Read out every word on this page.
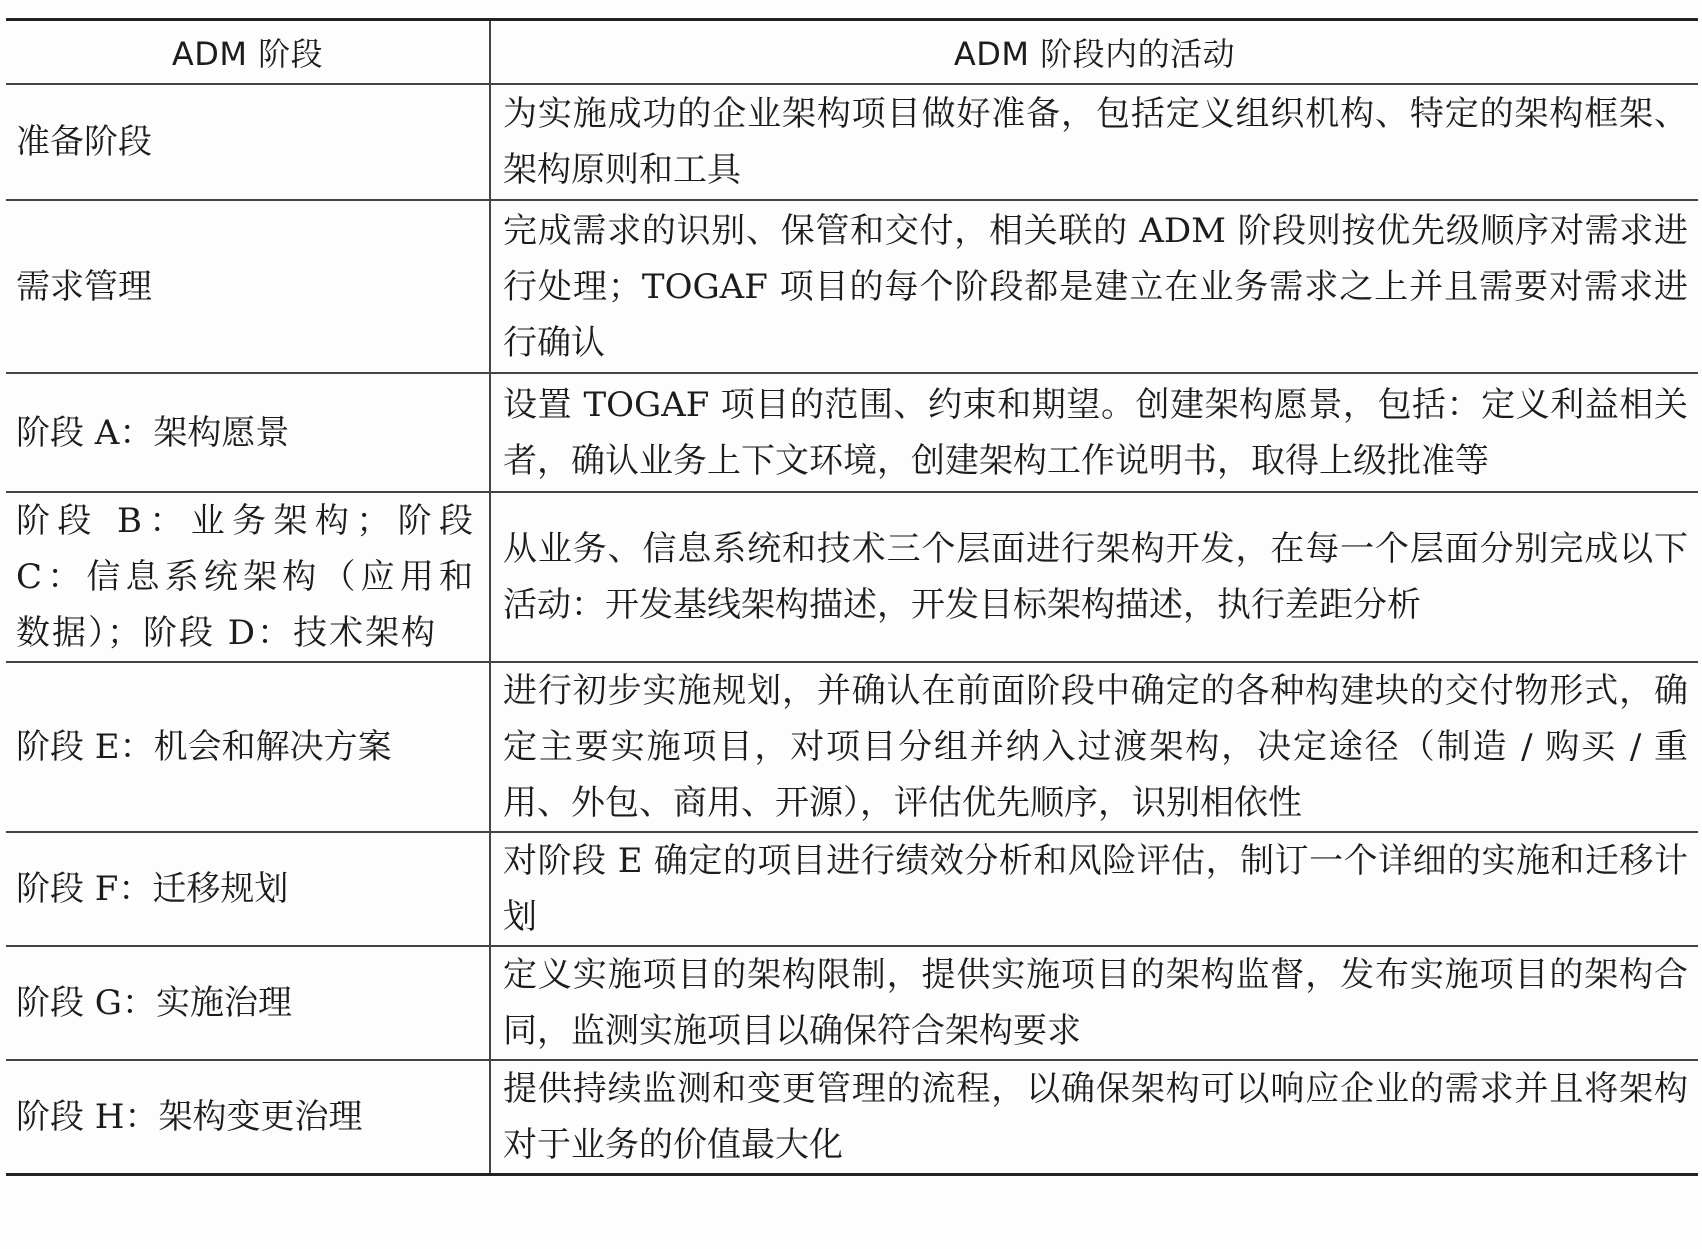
ADM 阶段	ADM 阶段内的活动
准备阶段	为实施成功的企业架构项目做好准备，包括定义组织机构、特定的架构框架、架构原则和工具
需求管理	完成需求的识别、保管和交付，相关联的 ADM 阶段则按优先级顺序对需求进行处理；TOGAF 项目的每个阶段都是建立在业务需求之上并且需要对需求进行确认
阶段 A：架构愿景	设置 TOGAF 项目的范围、约束和期望。创建架构愿景，包括：定义利益相关者，确认业务上下文环境，创建架构工作说明书，取得上级批准等
阶段 B：业务架构；阶段 C：信息系统架构（应用和数据）；阶段 D：技术架构	从业务、信息系统和技术三个层面进行架构开发，在每一个层面分别完成以下活动：开发基线架构描述，开发目标架构描述，执行差距分析
阶段 E：机会和解决方案	进行初步实施规划，并确认在前面阶段中确定的各种构建块的交付物形式，确定主要实施项目，对项目分组并纳入过渡架构，决定途径（制造 / 购买 / 重用、外包、商用、开源），评估优先顺序，识别相依性
阶段 F：迁移规划	对阶段 E 确定的项目进行绩效分析和风险评估，制订一个详细的实施和迁移计划
阶段 G：实施治理	定义实施项目的架构限制，提供实施项目的架构监督，发布实施项目的架构合同，监测实施项目以确保符合架构要求
阶段 H：架构变更治理	提供持续监测和变更管理的流程，以确保架构可以响应企业的需求并且将架构对于业务的价值最大化
